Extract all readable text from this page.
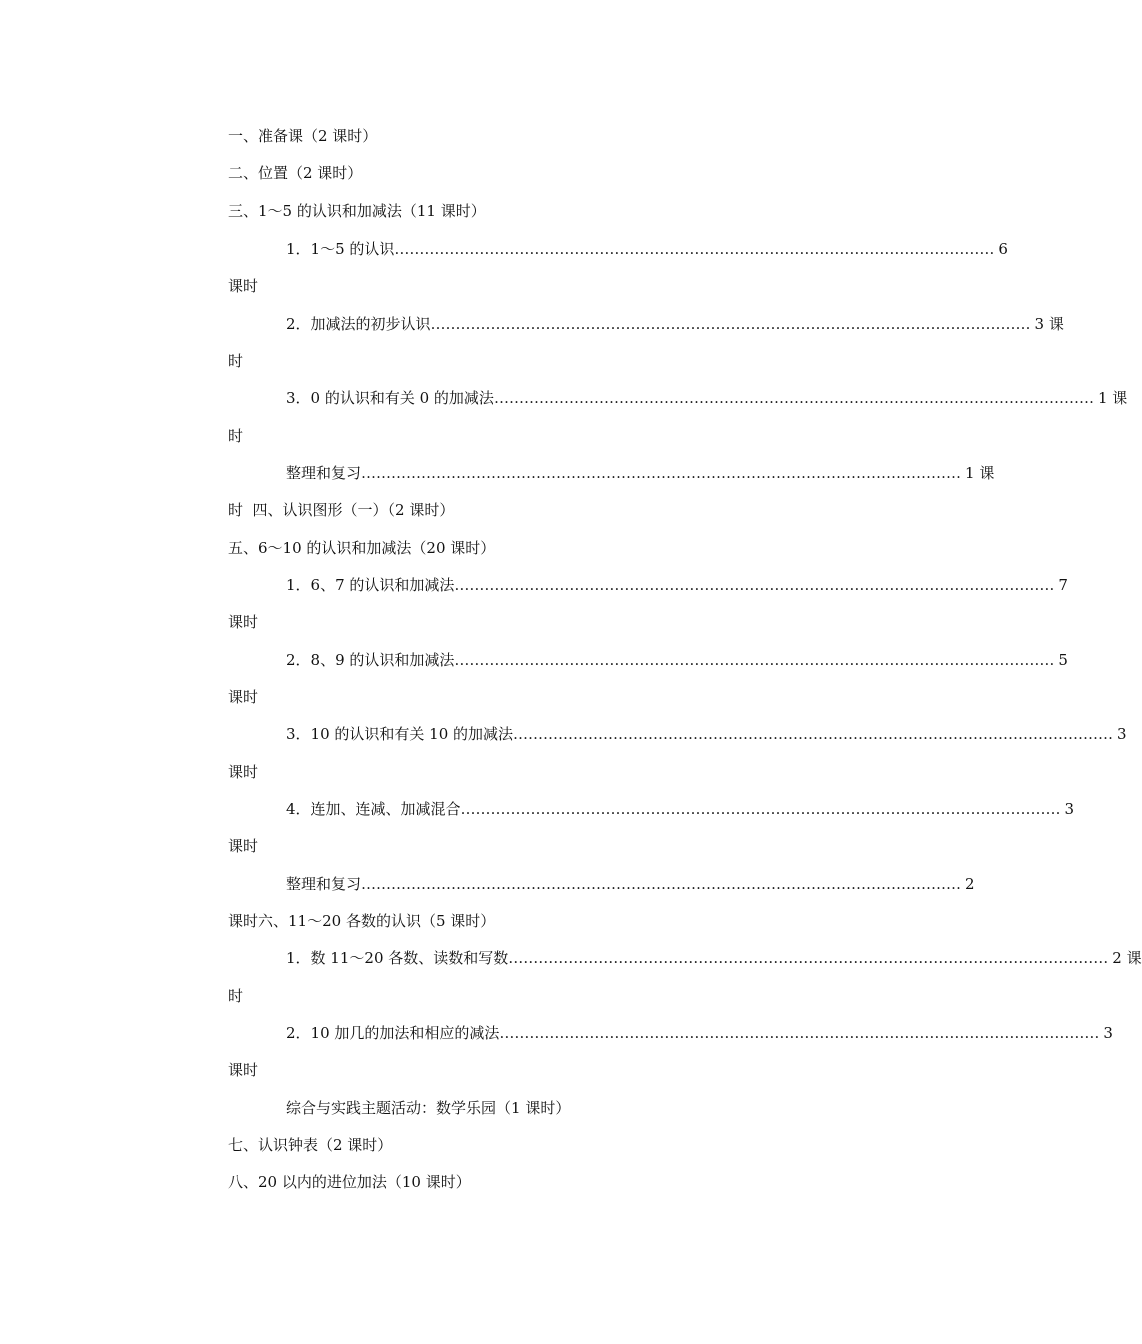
一、准备课（2 课时）
二、位置（2 课时）
三、1～5 的认识和加减法（11 课时）
1．1～5 的认识 ………………………………………………………………………………………………………… 6
课时
2．加减法的初步认识 ………………………………………………………………………………………………………… 3 课
时
3．0 的认识和有关 0 的加减法 ………………………………………………………………………………………………………… 1 课
时
整理和复习 ………………………………………………………………………………………………………… 1 课
时  四、认识图形（一）（2 课时）
五、6～10 的认识和加减法（20 课时）
1．6、7 的认识和加减法 ………………………………………………………………………………………………………… 7
课时
2．8、9 的认识和加减法 ………………………………………………………………………………………………………… 5
课时
3．10 的认识和有关 10 的加减法 ………………………………………………………………………………………………………… 3
课时
4．连加、连减、加减混合 ………………………………………………………………………………………………………… 3
课时
整理和复习 ………………………………………………………………………………………………………… 2
课时六、11～20 各数的认识（5 课时）
1．数 11～20 各数、读数和写数 ………………………………………………………………………………………………………… 2 课
时
2．10 加几的加法和相应的减法 ………………………………………………………………………………………………………… 3
课时
综合与实践主题活动：数学乐园（1 课时）
七、认识钟表（2 课时）
八、20 以内的进位加法（10 课时）
